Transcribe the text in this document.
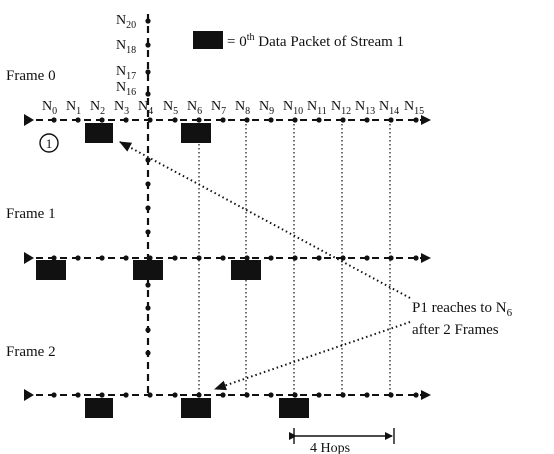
= 0th Data Packet of Stream 1
Frame 0
Frame 1
Frame 2
$N_{20}$
$N_{18}$
$N_{17}$
$N_{16}$
$N_0$ $N_1$ $N_2$ $N_3$ $N_4$ $N_5$ $N_6$ $N_7$ $N_8$ $N_9$ $N_{10}$ $N_{11}$ $N_{12}$ $N_{13}$ $N_{14}$ $N_{15}$
1
P1 reaches to $N_6$
after 2 Frames
4 Hops
